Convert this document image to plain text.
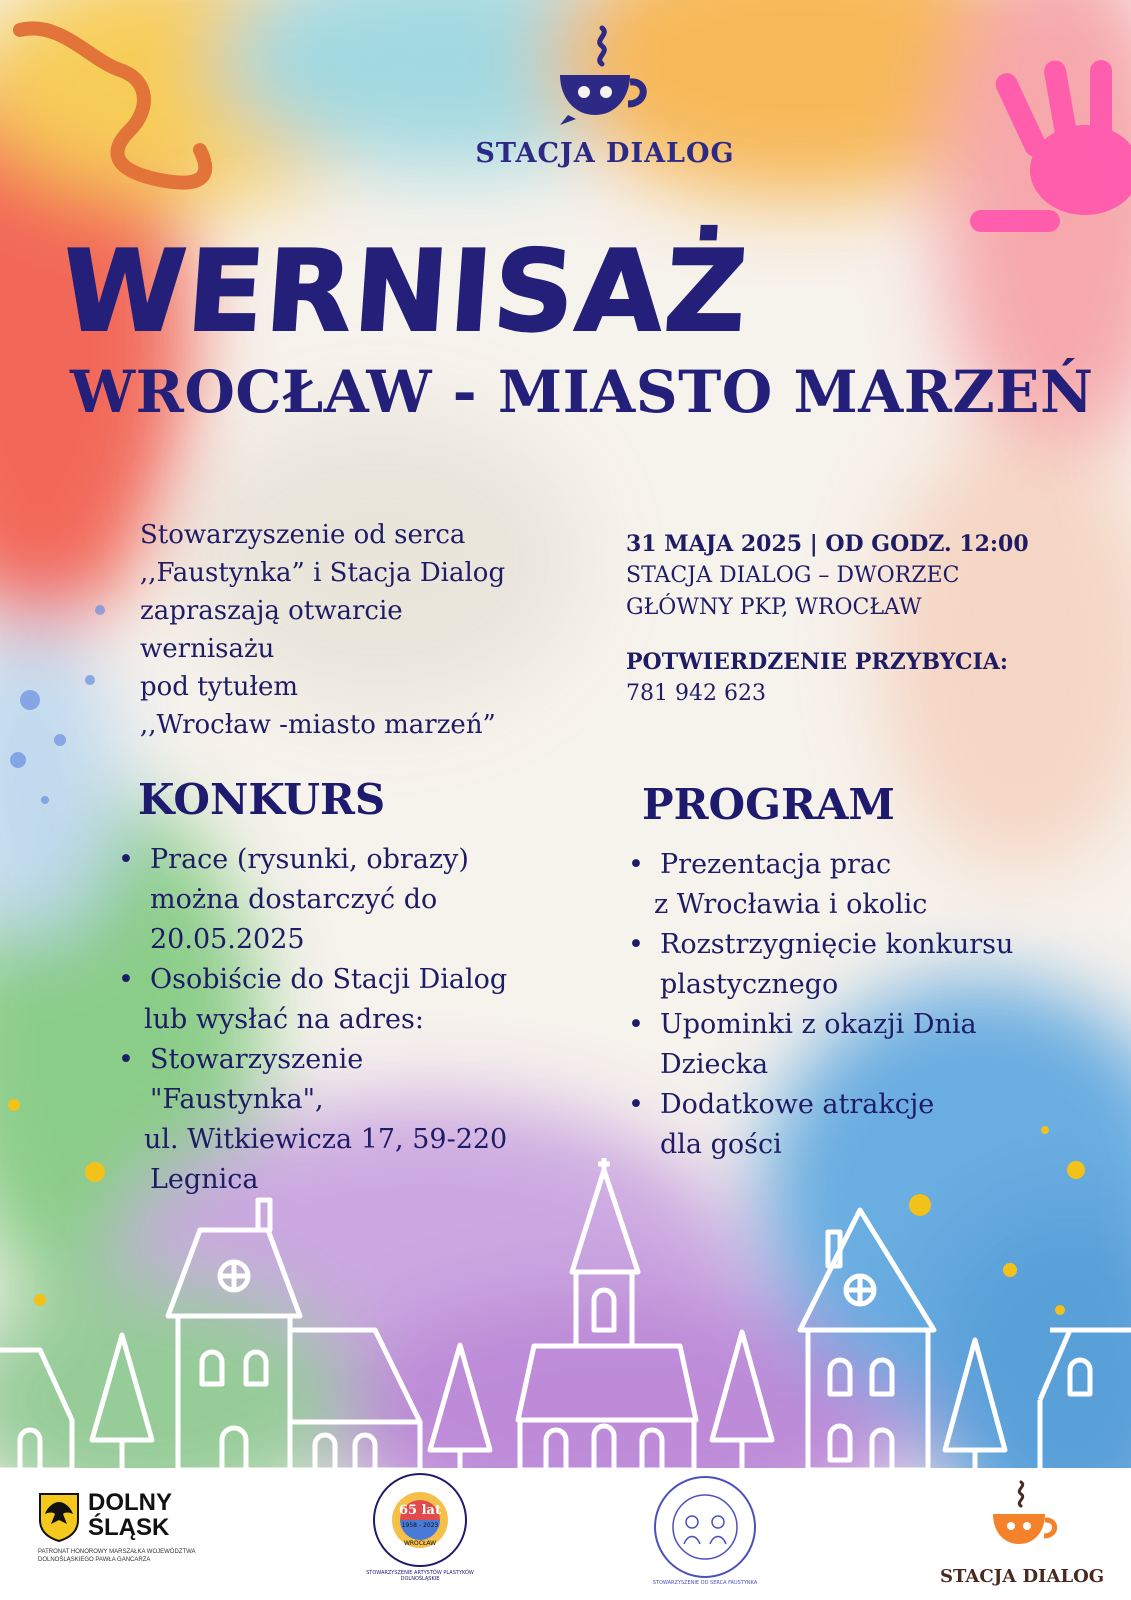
STACJA DIALOG
WERNISAŻ
WROCŁAW - MIASTO MARZEŃ
Stowarzyszenie od serca
,,Faustynka” i Stacja Dialog
zapraszają otwarcie
wernisażu
pod tytułem
,,Wrocław -miasto marzeń”
31 MAJA 2025 | OD GODZ. 12:00
STACJA DIALOG – DWORZEC
GŁÓWNY PKP, WROCŁAW
POTWIERDZENIE PRZYBYCIA:
781 942 623
KONKURS
• Prace (rysunki, obrazy)
można dostarczyć do
20.05.2025
• Osobiście do Stacji Dialog
lub wysłać na adres:
• Stowarzyszenie
"Faustynka",
ul. Witkiewicza 17, 59-220
Legnica
PROGRAM
• Prezentacja prac
z Wrocławia i okolic
• Rozstrzygnięcie konkursu
plastycznego
• Upominki z okazji Dnia
Dziecka
• Dodatkowe atrakcje
dla gości
DOLNY
ŚLĄSK
PATRONAT HONOROWY MARSZAŁKA WOJEWÓDZTWA DOLNOŚLĄSKIEGO PAWŁA GANCARZA
65 lat
1958 - 2023
WROCŁAW
STOWARZYSZENIE ARTYSTÓW PLASTYKÓW DOLNOŚLĄSKIE
STOWARZYSZENIE OD SERCA FAUSTYNKA	STACJA DIALOG
